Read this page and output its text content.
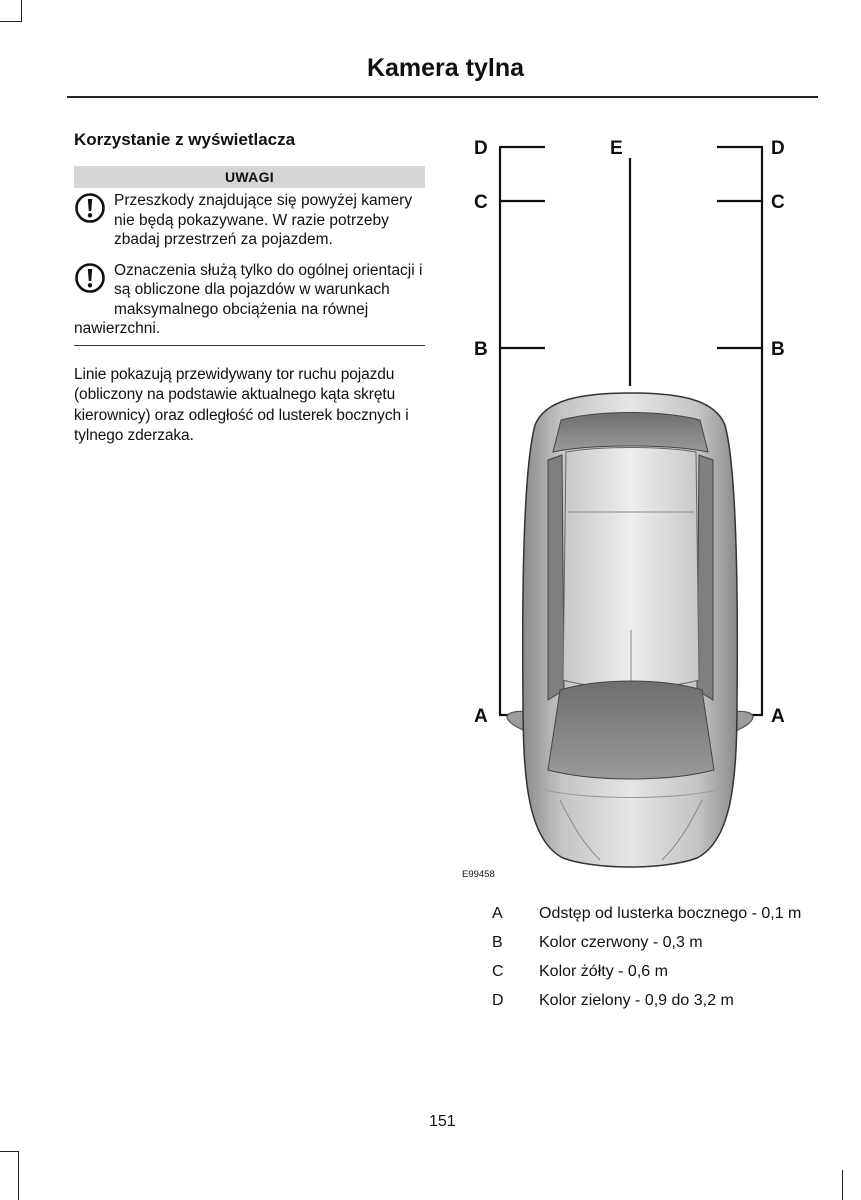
Kamera tylna
Korzystanie z wyświetlacza
UWAGI
Przeszkody znajdujące się powyżej kamery nie będą pokazywane. W razie potrzeby zbadaj przestrzeń za pojazdem.
Oznaczenia służą tylko do ogólnej orientacji i są obliczone dla pojazdów w warunkach maksymalnego obciążenia na równej nawierzchni.

Linie pokazują przewidywany tor ruchu pojazdu (obliczony na podstawie aktualnego kąta skrętu kierownicy) oraz odległość od lusterek bocznych i tylnego zderzaka.

D	E	D
C	C
B	B
A	A
E99458
A	Odstęp od lusterka bocznego - 0,1 m
B	Kolor czerwony - 0,3 m
C	Kolor żółty - 0,6 m
D	Kolor zielony - 0,9 do 3,2 m
151
